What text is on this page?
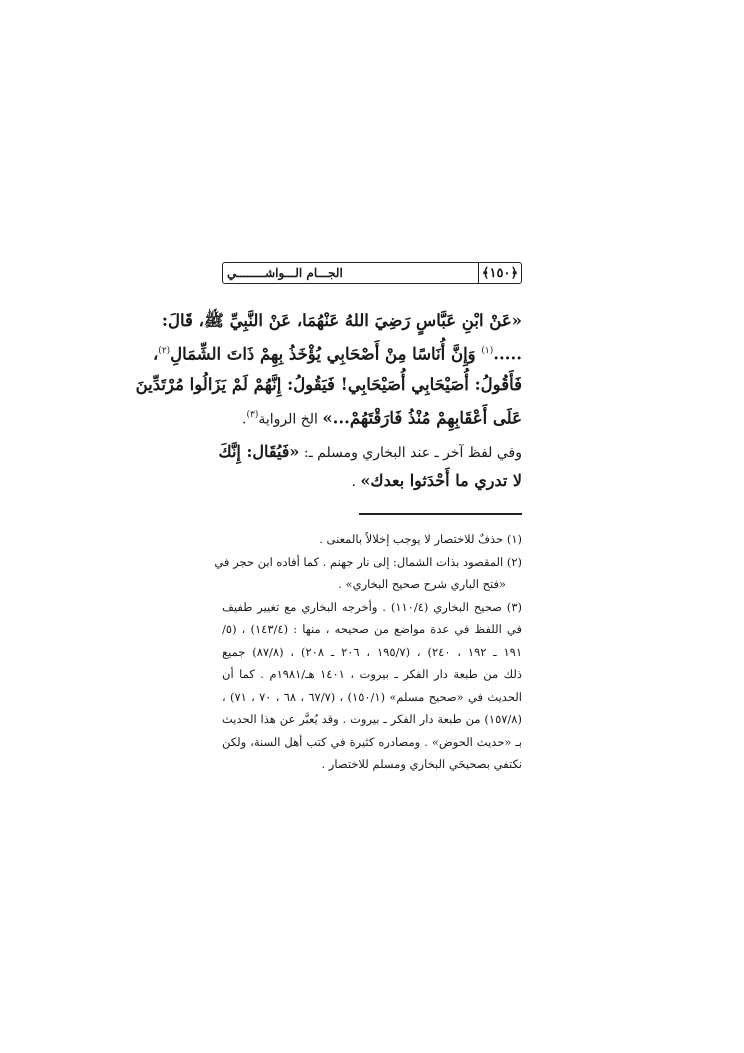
﴿١٥٠﴾
الجـــام الـــواشــــــــي
«عَنْ ابْنِ عَبَّاسٍ رَضِيَ اللهُ عَنْهُمَا، عَنْ النَّبِيِّ ﷺ، قَالَ:
.....$^{(١)}$ وَإِنَّ أُنَاسًا مِنْ أَصْحَابِي يُؤْخَذُ بِهِمْ ذَاتَ الشِّمَالِ$^{(٢)}$،
فَأَقُولُ: أُصَيْحَابِي أُصَيْحَابِي! فَيَقُولُ: إِنَّهُمْ لَمْ يَزَالُوا مُرْتَدِّينَ
عَلَى أَعْقَابِهِمْ مُنْذُ فَارَقْتَهُمْ...» الخ الرواية$^{(٣)}$.
وفي لفظ آخر ـ عند البخاري ومسلم ـ: «فَيُقَال: إِنَّكَ
لا تدري ما أَحْدَثوا بعدك» .
(١) حذفٌ للاختصار لا يوجب إخلالاً بالمعنى .
(٢) المقصود بذات الشمال: إلى نار جهنم . كما أفاده ابن حجر في
«فتح الباري شرح صحيح البخاري» .
(٣) صحيح البخاري (١١٠/٤) . وأخرجه البخاري مع تغيير طفيف
في اللفظ في عدة مواضع من صحيحه ، منها : (١٤٣/٤) ، (٥/
١٩١ ـ ١٩٢ ، ٢٤٠) ، (١٩٥/٧ ، ٢٠٦ ـ ٢٠٨) ، (٨٧/٨) جميع
ذلك من طبعة دار الفكر ـ بيروت ، ١٤٠١ هـ/١٩٨١م . كما أن
الحديث في «صحيح مسلم» (١٥٠/١) ، (٦٧/٧ ، ٦٨ ، ٧٠ ، ٧١) ،
(١٥٧/٨) من طبعة دار الفكر ـ بيروت . وقد يُعبَّر عن هذا الحديث
بـ «حديث الحوض» . ومصادره كثيرة في كتب أهل السنة، ولكن
نكتفي بصحيحَي البخاري ومسلم للاختصار .
